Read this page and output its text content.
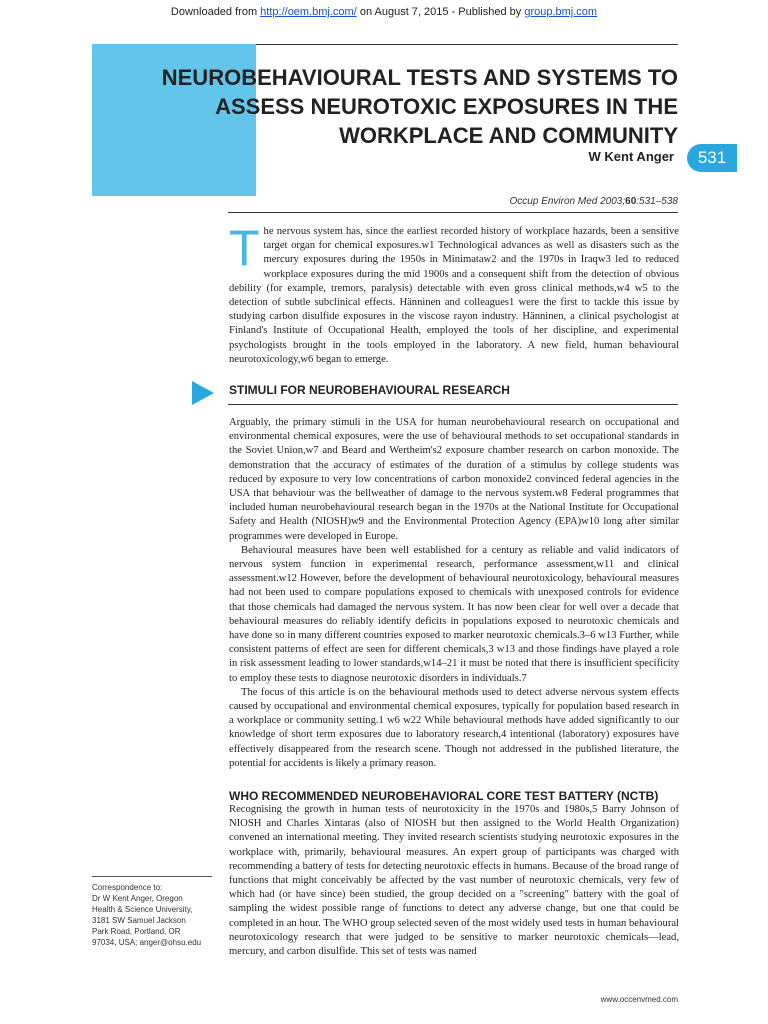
Downloaded from http://oem.bmj.com/ on August 7, 2015 - Published by group.bmj.com
NEUROBEHAVIOURAL TESTS AND SYSTEMS TO
ASSESS NEUROTOXIC EXPOSURES IN THE
WORKPLACE AND COMMUNITY
W Kent Anger	531
Occup Environ Med 2003;60:531–538
T he nervous system has, since the earliest recorded history of workplace hazards, been a sensitive target organ for chemical exposures.w1 Technological advances as well as disasters such as the mercury exposures during the 1950s in Minimataw2 and the 1970s in Iraqw3 led to reduced workplace exposures during the mid 1900s and a consequent shift from the detection of obvious debility (for example, tremors, paralysis) detectable with even gross clinical methods,w4 w5 to the detection of subtle subclinical effects. Hänninen and colleagues1 were the first to tackle this issue by studying carbon disulfide exposures in the viscose rayon industry. Hänninen, a clinical psychologist at Finland's Institute of Occupational Health, employed the tools of her discipline, and experimental psychologists brought in the tools employed in the laboratory. A new field, human behavioural neurotoxicology,w6 began to emerge.

STIMULI FOR NEUROBEHAVIOURAL RESEARCH

Arguably, the primary stimuli in the USA for human neurobehavioural research on occupational and environmental chemical exposures, were the use of behavioural methods to set occupational standards in the Soviet Union,w7 and Beard and Wertheim's2 exposure chamber research on carbon monoxide. The demonstration that the accuracy of estimates of the duration of a stimulus by college students was reduced by exposure to very low concentrations of carbon monoxide2 convinced federal agencies in the USA that behaviour was the bellweather of damage to the nervous system.w8 Federal programmes that included human neurobehavioural research began in the 1970s at the National Institute for Occupational Safety and Health (NIOSH)w9 and the Environmental Protection Agency (EPA)w10 long after similar programmes were developed in Europe.

Behavioural measures have been well established for a century as reliable and valid indicators of nervous system function in experimental research, performance assessment,w11 and clinical assessment.w12 However, before the development of behavioural neurotoxicology, behavioural measures had not been used to compare populations exposed to chemicals with unexposed controls for evidence that those chemicals had damaged the nervous system. It has now been clear for well over a decade that behavioural measures do reliably identify deficits in populations exposed to neurotoxic chemicals and have done so in many different countries exposed to marker neurotoxic chemicals.3–6 w13 Further, while consistent patterns of effect are seen for different chemicals,3 w13 and those findings have played a role in risk assessment leading to lower standards,w14–21 it must be noted that there is insufficient specificity to employ these tests to diagnose neurotoxic disorders in individuals.7

The focus of this article is on the behavioural methods used to detect adverse nervous system effects caused by occupational and environmental chemical exposures, typically for population based research in a workplace or community setting.1 w6 w22 While behavioural methods have added significantly to our knowledge of short term exposures due to laboratory research,4 intentional (laboratory) exposures have effectively disappeared from the research scene. Though not addressed in the published literature, the potential for accidents is likely a primary reason.

WHO RECOMMENDED NEUROBEHAVIORAL CORE TEST BATTERY (NCTB)

Recognising the growth in human tests of neurotoxicity in the 1970s and 1980s,5 Barry Johnson of NIOSH and Charles Xintaras (also of NIOSH but then assigned to the World Health Organization) convened an international meeting. They invited research scientists studying neurotoxic exposures in the workplace with, primarily, behavioural measures. An expert group of participants was charged with recommending a battery of tests for detecting neurotoxic effects in humans. Because of the broad range of functions that might conceivably be affected by the vast number of neurotoxic chemicals, very few of which had (or have since) been studied, the group decided on a "screening" battery with the goal of sampling the widest possible range of functions to detect any adverse change, but one that could be completed in an hour. The WHO group selected seven of the most widely used tests in human behavioural neurotoxicology research that were judged to be sensitive to marker neurotoxic chemicals—lead, mercury, and carbon disulfide. This set of tests was named

Correspondence to:
Dr W Kent Anger, Oregon
Health & Science University,
3181 SW Samuel Jackson
Park Road, Portland, OR
97034, USA; anger@ohsu.edu
www.occenvmed.com
